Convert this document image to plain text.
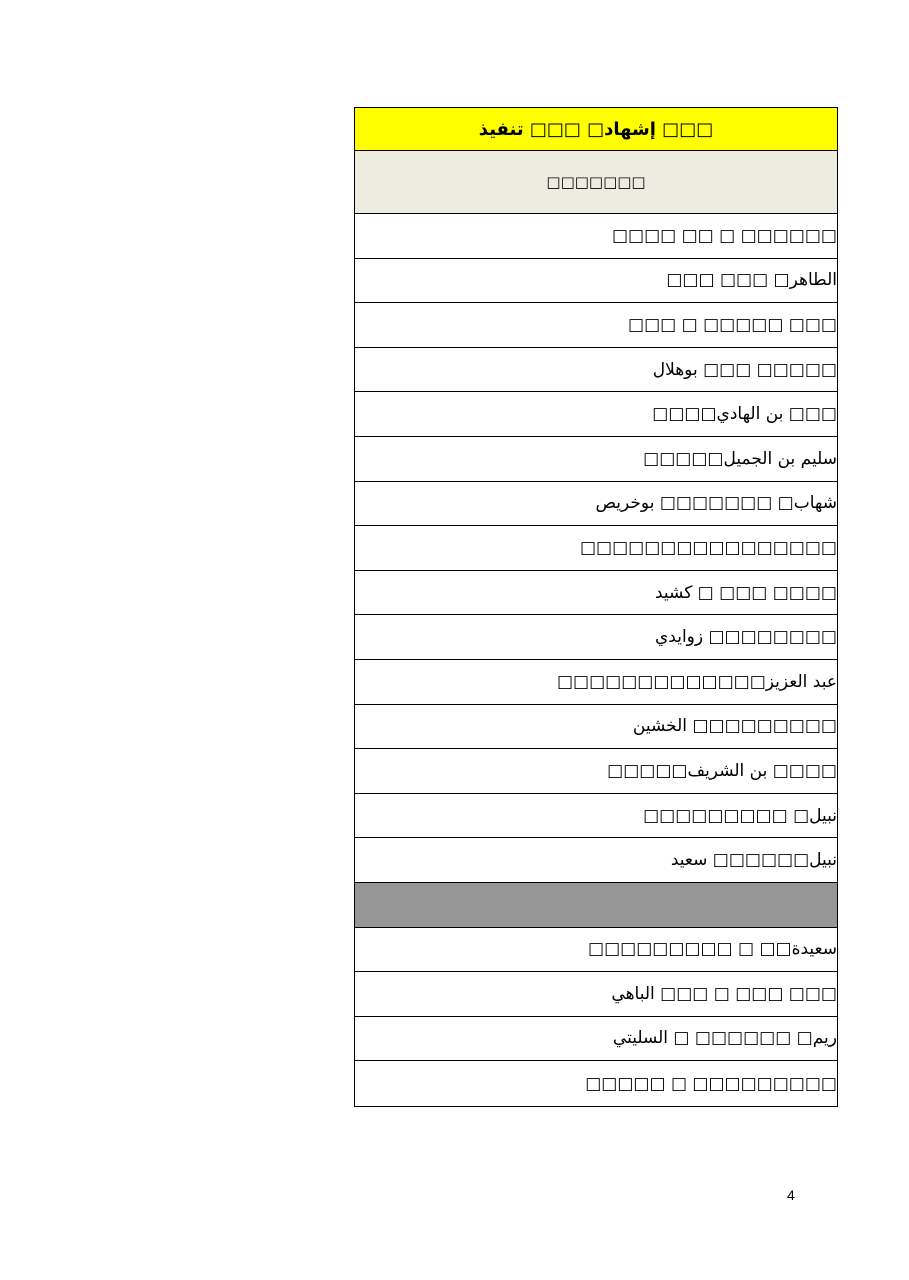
□□□ إشهاد□ □□□ تنفيذ
□□□□□□□
□□□□□□ □ □□ □□□□
الطاهر□ □□□ □□□
□□□ □□□□□ □ □□□
□□□□□ □□□ بوهلال
□□□ بن الهادي□□□□
سليم بن الجميل□□□□□
شهاب□ □□□□□□□ بوخريص
□□□□□□□□□□□□□□□□
□□□□ □□□ □ كشيد
□□□□□□□□ زوايدي
عبد العزيز□□□□□□□□□□□□□
□□□□□□□□□ الخشين
□□□□ بن الشريف□□□□□
نبيل□ □□□□□□□□□
نبيل□□□□□□ سعيد
سعيدة□□ □ □□□□□□□□□
□□□ □□□ □ □□□ الباهي
ريم□ □□□□□□ □ السليتي
□□□□□□□□□ □ □□□□□
4
